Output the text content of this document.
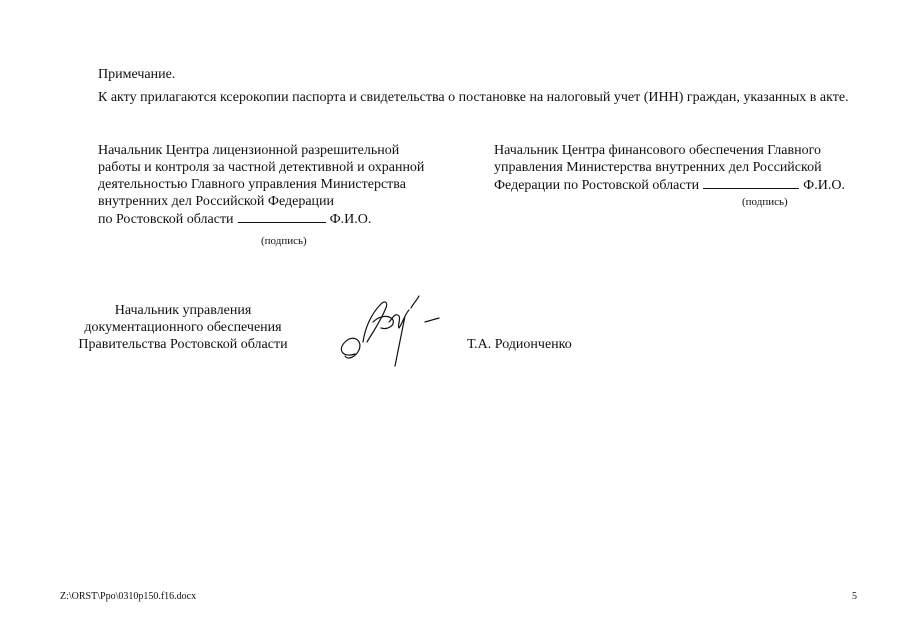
Примечание.
К акту прилагаются ксерокопии паспорта и свидетельства о постановке на налоговый учет (ИНН) граждан, указанных в акте.
Начальник Центра лицензионной разрешительной
работы и контроля за частной детективной и охранной
деятельностью Главного управления Министерства
внутренних дел Российской Федерации
по Ростовской области	Ф.И.О.
(подпись)
Начальник Центра финансового обеспечения Главного
управления Министерства внутренних дел Российской
Федерации по Ростовской области	Ф.И.О.
(подпись)
Начальник управления
документационного обеспечения
Правительства Ростовской области	Т.А. Родионченко
Z:\ORST\Ppo\0310p150.f16.docx	5
